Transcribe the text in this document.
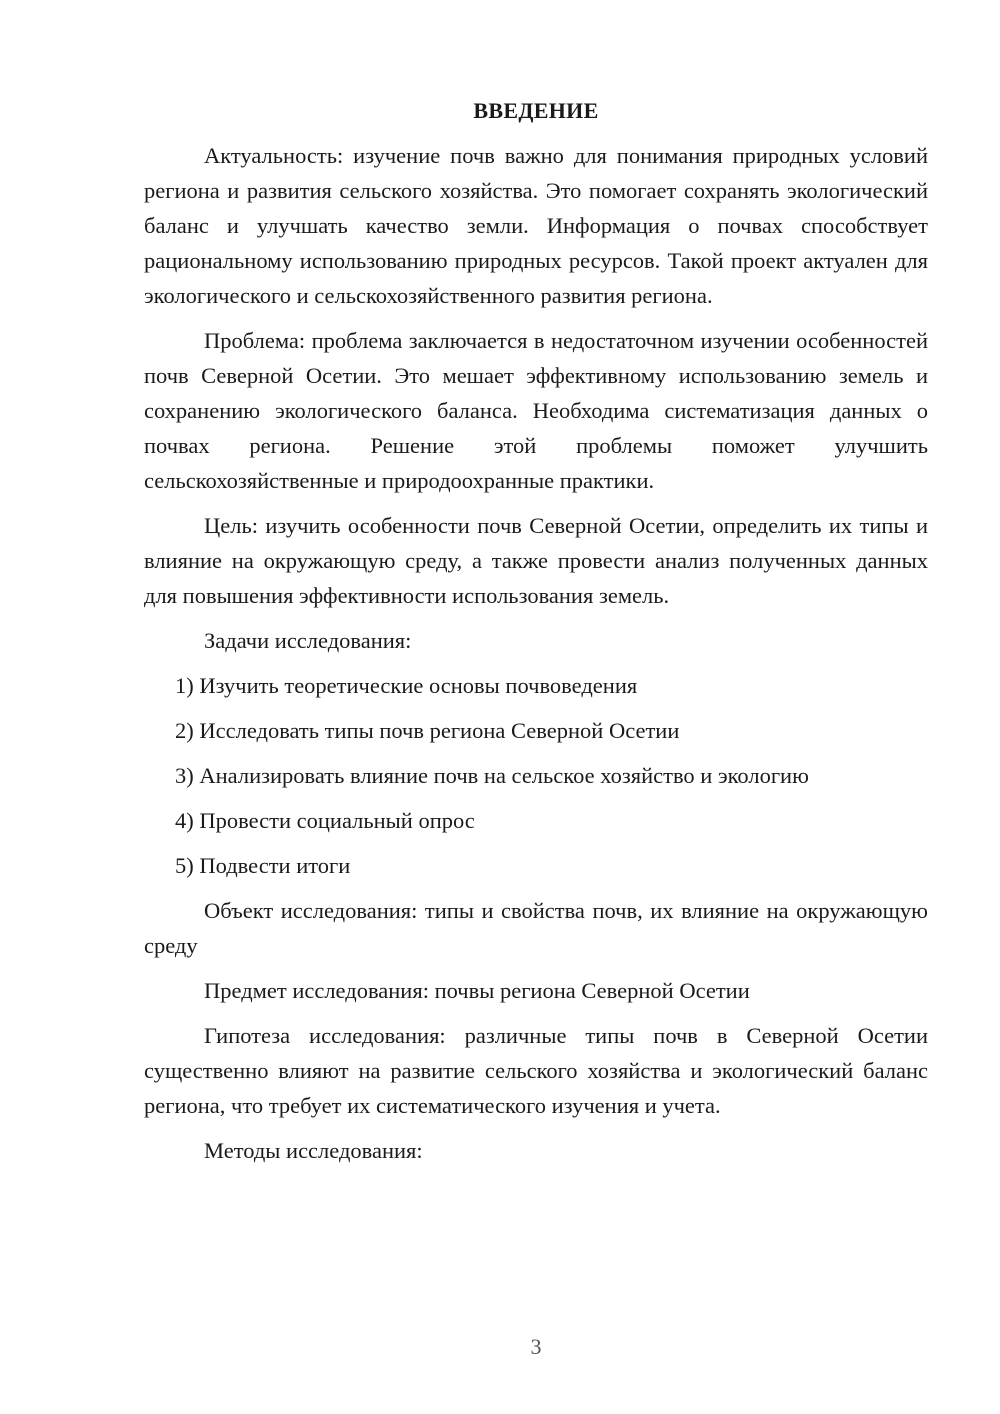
ВВЕДЕНИЕ

Актуальность: изучение почв важно для понимания природных условий региона и развития сельского хозяйства. Это помогает сохранять экологический баланс и улучшать качество земли. Информация о почвах способствует рациональному использованию природных ресурсов. Такой проект актуален для экологического и сельскохозяйственного развития региона.

Проблема: проблема заключается в недостаточном изучении особенностей почв Северной Осетии. Это мешает эффективному использованию земель и сохранению экологического баланса. Необходима систематизация данных о почвах региона. Решение этой проблемы поможет улучшить сельскохозяйственные и природоохранные практики.

Цель: изучить особенности почв Северной Осетии, определить их типы и влияние на окружающую среду, а также провести анализ полученных данных для повышения эффективности использования земель.

Задачи исследования:

1) Изучить теоретические основы почвоведения
2) Исследовать типы почв региона Северной Осетии
3) Анализировать влияние почв на сельское хозяйство и экологию
4) Провести социальный опрос
5) Подвести итоги

Объект исследования: типы и свойства почв, их влияние на окружающую среду

Предмет исследования: почвы региона Северной Осетии

Гипотеза исследования: различные типы почв в Северной Осетии существенно влияют на развитие сельского хозяйства и экологический баланс региона, что требует их систематического изучения и учета.

Методы исследования:

3
